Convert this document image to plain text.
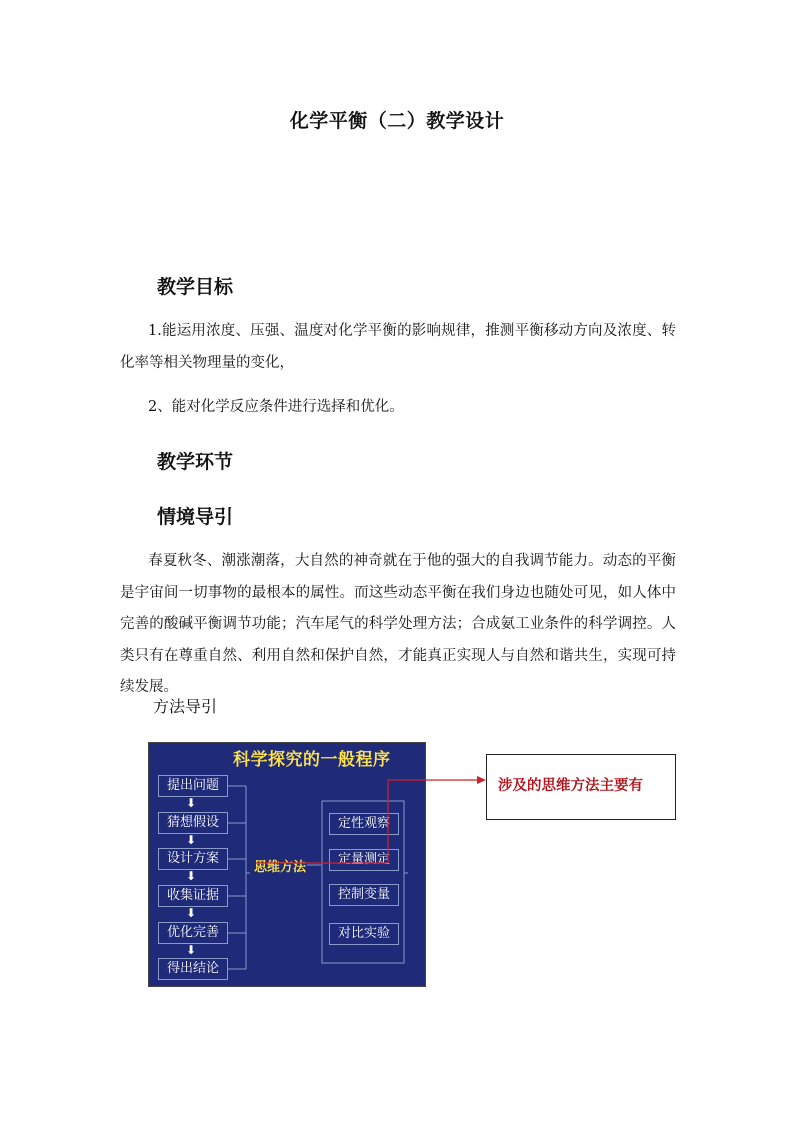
化学平衡（二）教学设计
教学目标
1.能运用浓度、压强、温度对化学平衡的影响规律，推测平衡移动方向及浓度、转化率等相关物理量的变化，
2、能对化学反应条件进行选择和优化。
教学环节
情境导引
春夏秋冬、潮涨潮落，大自然的神奇就在于他的强大的自我调节能力。动态的平衡是宇宙间一切事物的最根本的属性。而这些动态平衡在我们身边也随处可见，如人体中完善的酸碱平衡调节功能；汽车尾气的科学处理方法；合成氨工业条件的科学调控。人类只有在尊重自然、利用自然和保护自然，才能真正实现人与自然和谐共生，实现可持续发展。
方法导引
科学探究的一般程序
提出问题
⬇
猜想假设
⬇
设计方案
⬇
收集证据
⬇
优化完善
⬇
得出结论
思维方法
定性观察
定量测定
控制变量
对比实验
涉及的思维方法主要有
